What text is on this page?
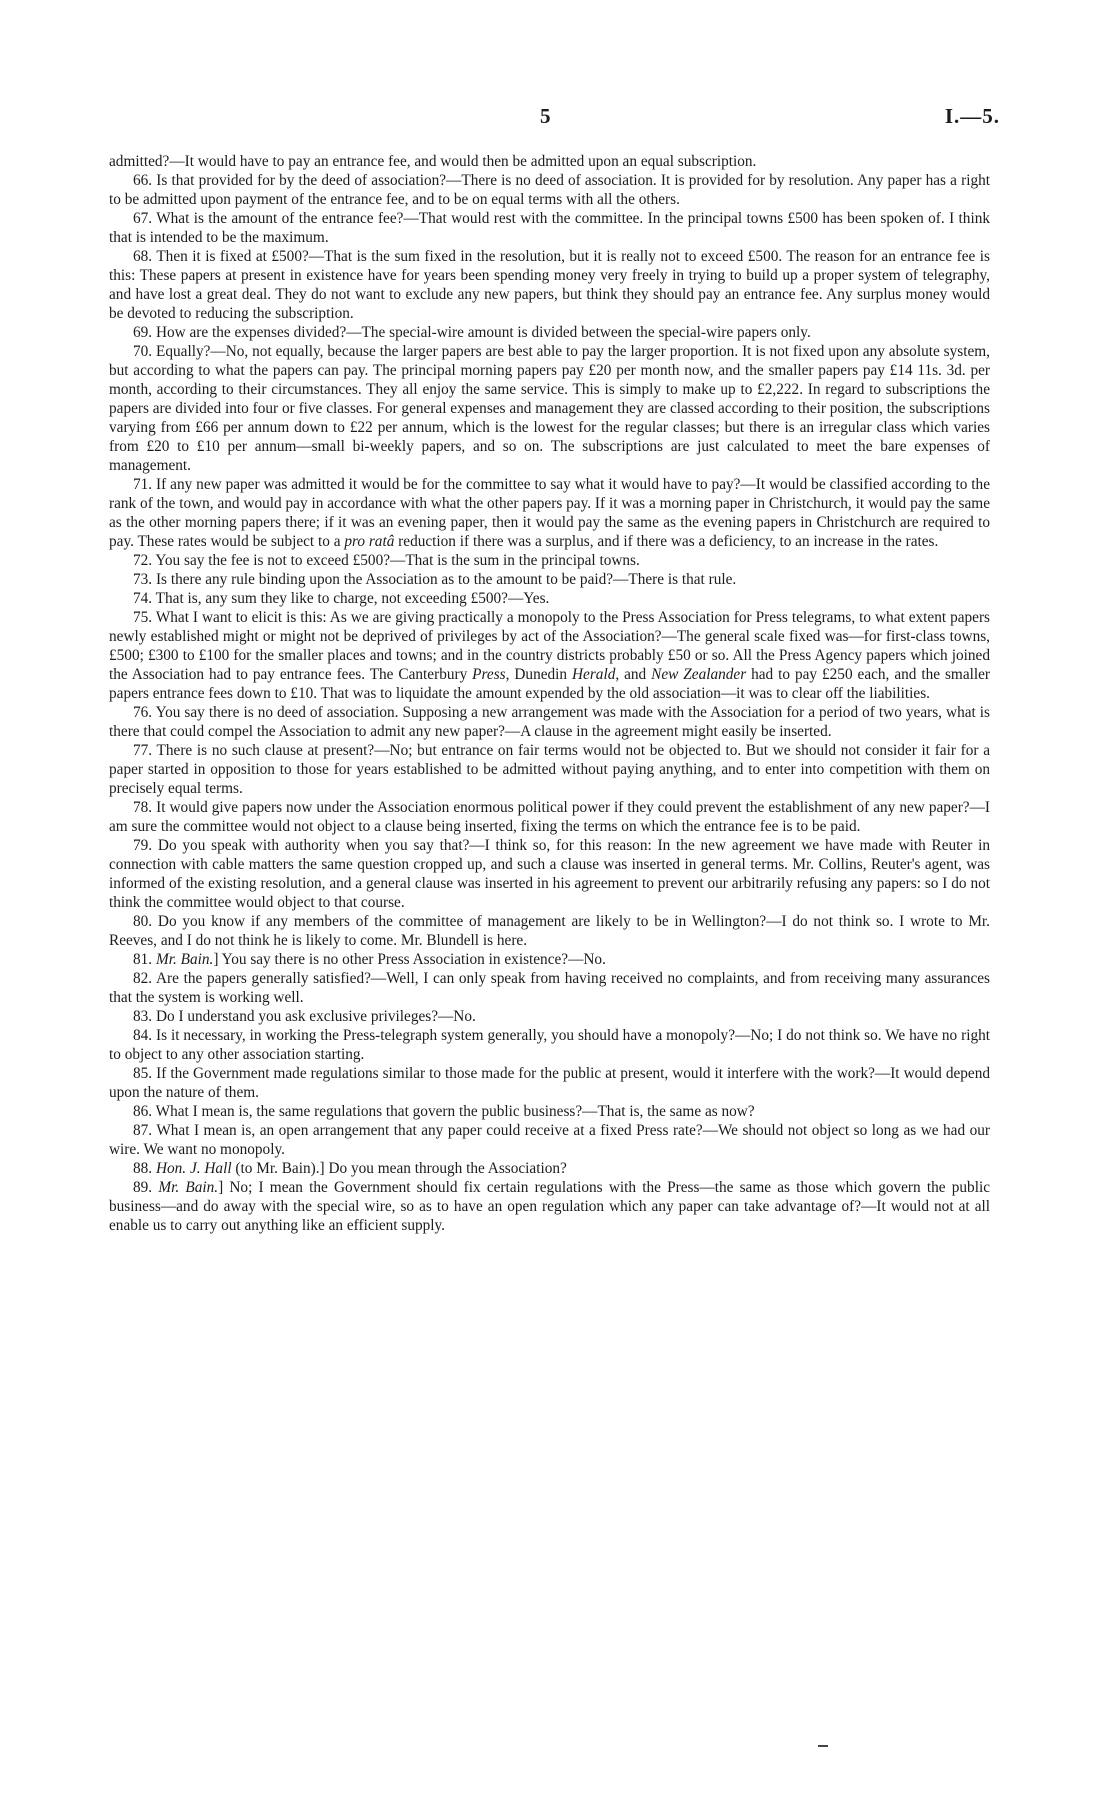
5	I.—5.

admitted?—It would have to pay an entrance fee, and would then be admitted upon an equal subscription.

66. Is that provided for by the deed of association?—There is no deed of association. It is provided for by resolution. Any paper has a right to be admitted upon payment of the entrance fee, and to be on equal terms with all the others.

67. What is the amount of the entrance fee?—That would rest with the committee. In the principal towns £500 has been spoken of. I think that is intended to be the maximum.

68. Then it is fixed at £500?—That is the sum fixed in the resolution, but it is really not to exceed £500. The reason for an entrance fee is this: These papers at present in existence have for years been spending money very freely in trying to build up a proper system of telegraphy, and have lost a great deal. They do not want to exclude any new papers, but think they should pay an entrance fee. Any surplus money would be devoted to reducing the subscription.

69. How are the expenses divided?—The special-wire amount is divided between the special-wire papers only.

70. Equally?—No, not equally, because the larger papers are best able to pay the larger proportion. It is not fixed upon any absolute system, but according to what the papers can pay. The principal morning papers pay £20 per month now, and the smaller papers pay £14 11s. 3d. per month, according to their circumstances. They all enjoy the same service. This is simply to make up to £2,222. In regard to subscriptions the papers are divided into four or five classes. For general expenses and management they are classed according to their position, the subscriptions varying from £66 per annum down to £22 per annum, which is the lowest for the regular classes; but there is an irregular class which varies from £20 to £10 per annum—small bi-weekly papers, and so on. The subscriptions are just calculated to meet the bare expenses of management.

71. If any new paper was admitted it would be for the committee to say what it would have to pay?—It would be classified according to the rank of the town, and would pay in accordance with what the other papers pay. If it was a morning paper in Christchurch, it would pay the same as the other morning papers there; if it was an evening paper, then it would pay the same as the evening papers in Christchurch are required to pay. These rates would be subject to a pro ratâ reduction if there was a surplus, and if there was a deficiency, to an increase in the rates.

72. You say the fee is not to exceed £500?—That is the sum in the principal towns.

73. Is there any rule binding upon the Association as to the amount to be paid?—There is that rule.

74. That is, any sum they like to charge, not exceeding £500?—Yes.

75. What I want to elicit is this: As we are giving practically a monopoly to the Press Association for Press telegrams, to what extent papers newly established might or might not be deprived of privileges by act of the Association?—The general scale fixed was—for first-class towns, £500; £300 to £100 for the smaller places and towns; and in the country districts probably £50 or so. All the Press Agency papers which joined the Association had to pay entrance fees. The Canterbury Press, Dunedin Herald, and New Zealander had to pay £250 each, and the smaller papers entrance fees down to £10. That was to liquidate the amount expended by the old association—it was to clear off the liabilities.

76. You say there is no deed of association. Supposing a new arrangement was made with the Association for a period of two years, what is there that could compel the Association to admit any new paper?—A clause in the agreement might easily be inserted.

77. There is no such clause at present?—No; but entrance on fair terms would not be objected to. But we should not consider it fair for a paper started in opposition to those for years established to be admitted without paying anything, and to enter into competition with them on precisely equal terms.

78. It would give papers now under the Association enormous political power if they could prevent the establishment of any new paper?—I am sure the committee would not object to a clause being inserted, fixing the terms on which the entrance fee is to be paid.

79. Do you speak with authority when you say that?—I think so, for this reason: In the new agreement we have made with Reuter in connection with cable matters the same question cropped up, and such a clause was inserted in general terms. Mr. Collins, Reuter's agent, was informed of the existing resolution, and a general clause was inserted in his agreement to prevent our arbitrarily refusing any papers: so I do not think the committee would object to that course.

80. Do you know if any members of the committee of management are likely to be in Wellington?—I do not think so. I wrote to Mr. Reeves, and I do not think he is likely to come. Mr. Blundell is here.

81. Mr. Bain.] You say there is no other Press Association in existence?—No.

82. Are the papers generally satisfied?—Well, I can only speak from having received no complaints, and from receiving many assurances that the system is working well.

83. Do I understand you ask exclusive privileges?—No.

84. Is it necessary, in working the Press-telegraph system generally, you should have a monopoly?—No; I do not think so. We have no right to object to any other association starting.

85. If the Government made regulations similar to those made for the public at present, would it interfere with the work?—It would depend upon the nature of them.

86. What I mean is, the same regulations that govern the public business?—That is, the same as now?

87. What I mean is, an open arrangement that any paper could receive at a fixed Press rate?—We should not object so long as we had our wire. We want no monopoly.

88. Hon. J. Hall (to Mr. Bain).] Do you mean through the Association?

89. Mr. Bain.] No; I mean the Government should fix certain regulations with the Press—the same as those which govern the public business—and do away with the special wire, so as to have an open regulation which any paper can take advantage of?—It would not at all enable us to carry out anything like an efficient supply.
